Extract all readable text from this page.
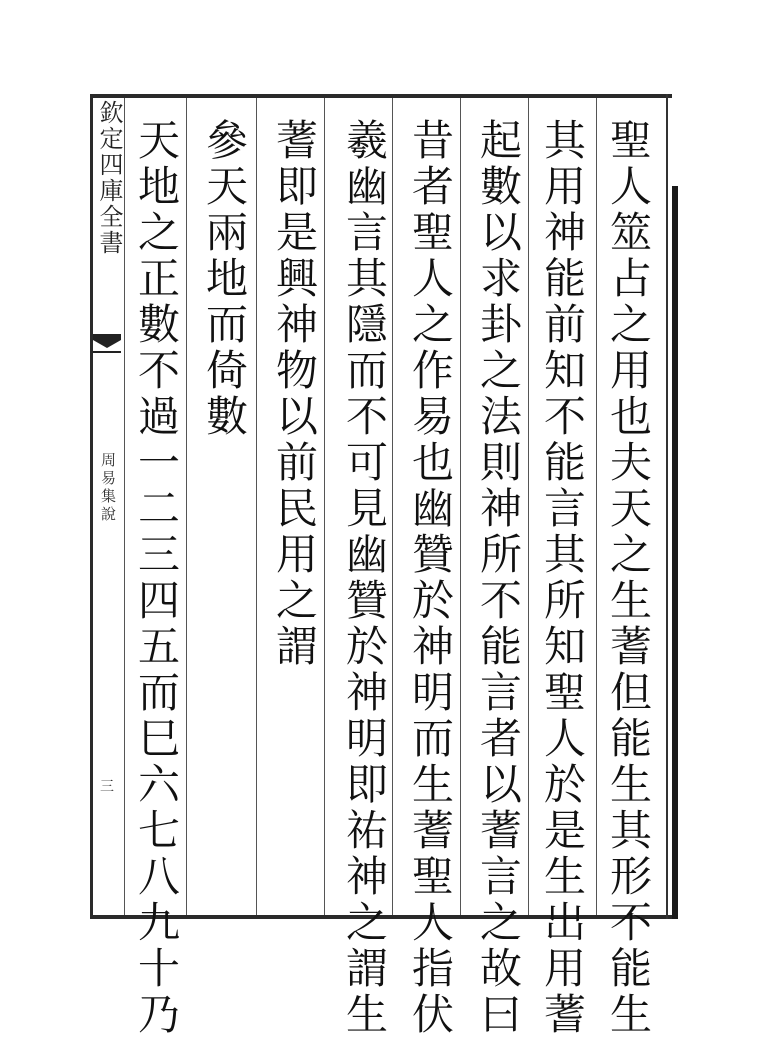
欽定四庫全書
周易集說
三	聖人筮占之用也夫天之生蓍但能生其形不能生
其用神能前知不能言其所知聖人於是生出用蓍
起數以求卦之法則神所不能言者以蓍言之故曰
昔者聖人之作易也幽贊於神明而生蓍聖人指伏
羲幽言其隱而不可見幽贊於神明即祐神之謂生
蓍即是興神物以前民用之謂
參天兩地而倚數
天地之正數不過一二三四五而巳六七八九十乃
